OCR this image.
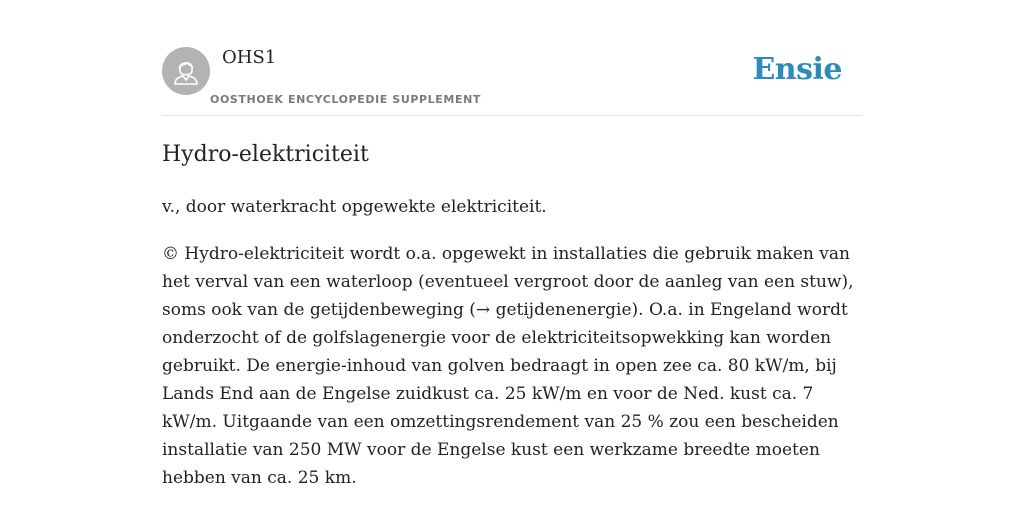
OHS1
OOSTHOEK ENCYCLOPEDIE SUPPLEMENT
Ensie
Hydro-elektriciteit

v., door waterkracht opgewekte elektriciteit.

© Hydro-elektriciteit wordt o.a. opgewekt in installaties die gebruik maken van het verval van een waterloop (eventueel vergroot door de aanleg van een stuw), soms ook van de getijdenbeweging (→ getijdenenergie). O.a. in Engeland wordt onderzocht of de golfslagenergie voor de elektriciteitsopwekking kan worden gebruikt. De energie-inhoud van golven bedraagt in open zee ca. 80 kW/m, bij Lands End aan de Engelse zuidkust ca. 25 kW/m en voor de Ned. kust ca. 7 kW/m. Uitgaande van een omzettingsrendement van 25 % zou een bescheiden installatie van 250 MW voor de Engelse kust een werkzame breedte moeten hebben van ca. 25 km.
